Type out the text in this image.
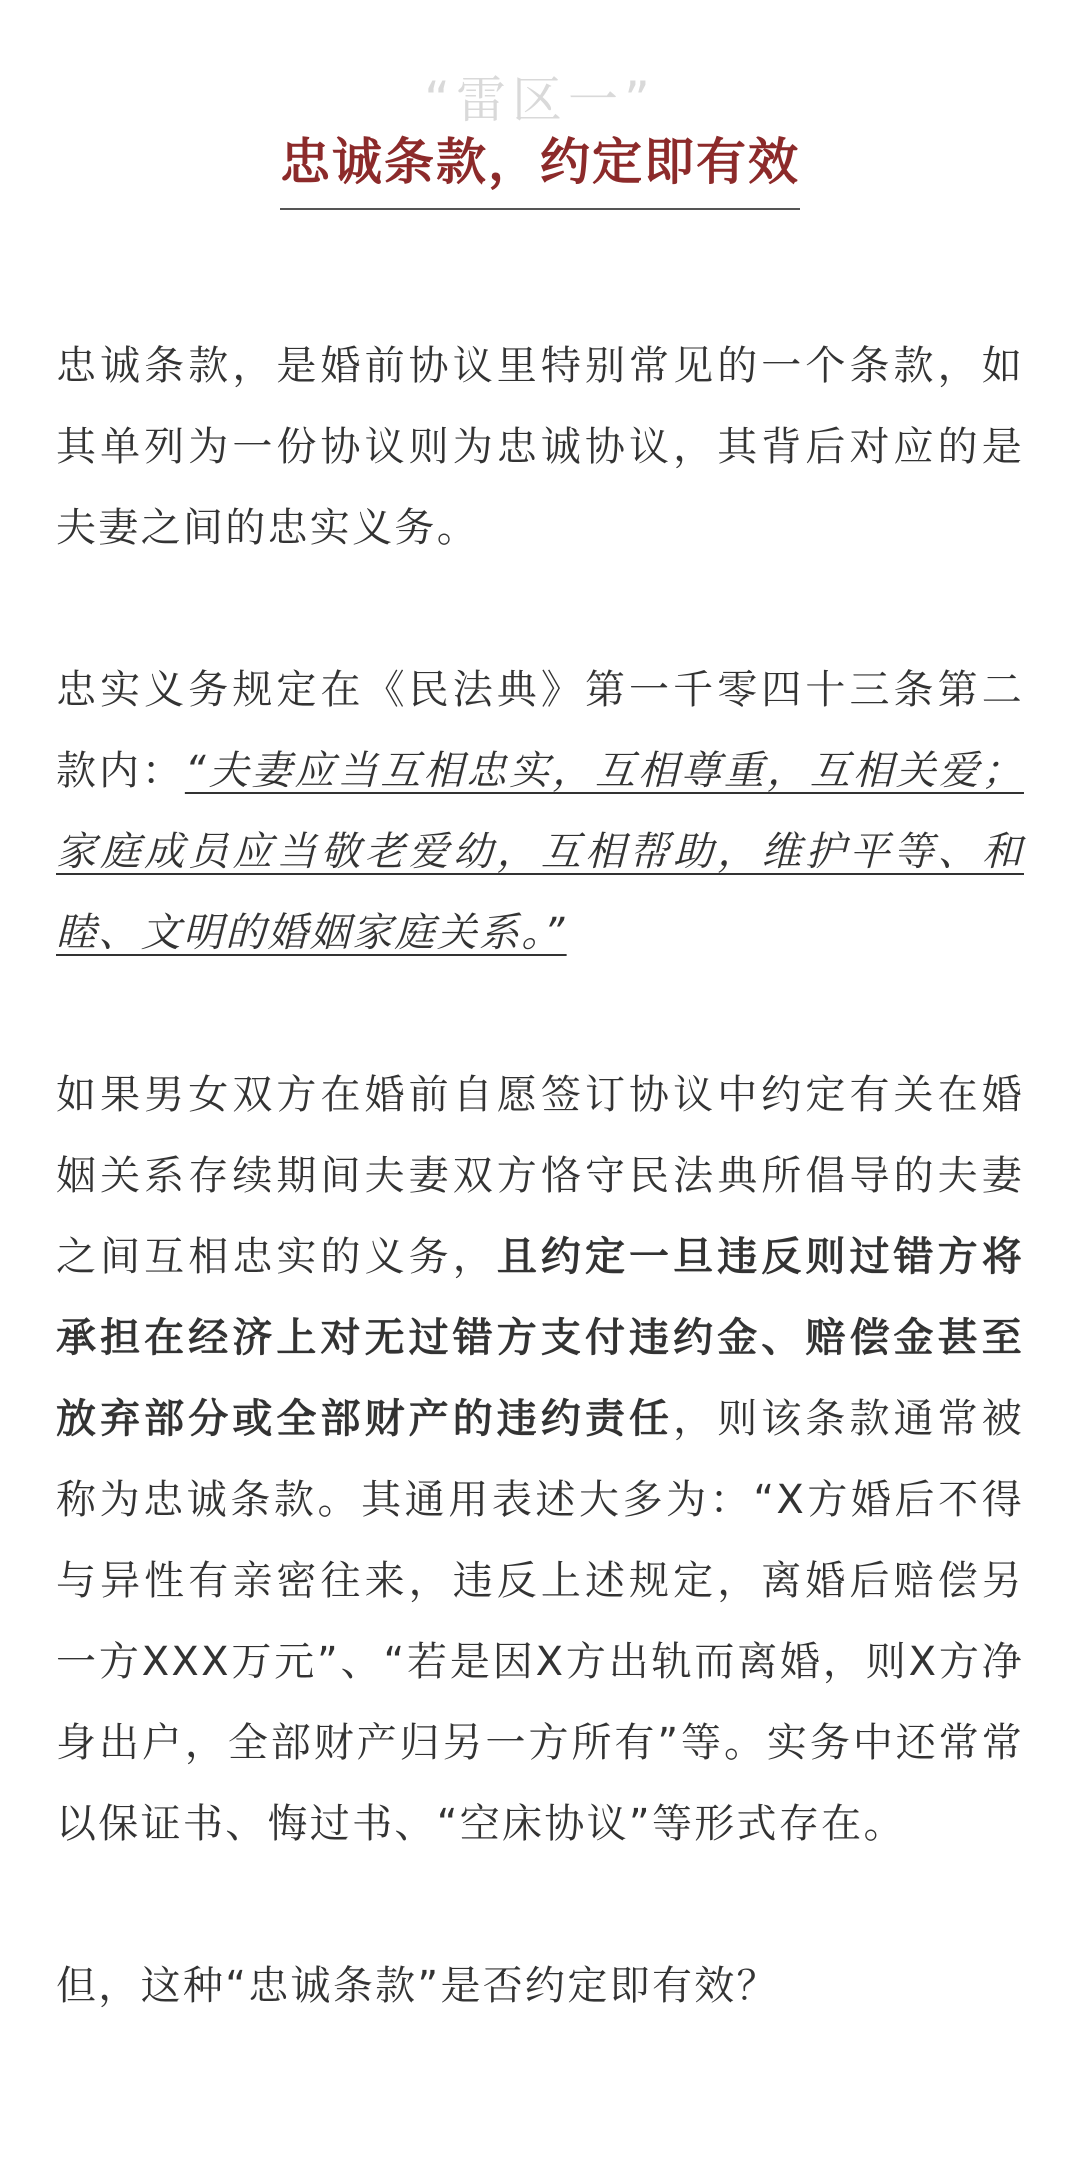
“雷区一”
忠诚条款，约定即有效

忠诚条款，是婚前协议里特别常见的一个条款，如其单列为一份协议则为忠诚协议，其背后对应的是夫妻之间的忠实义务。

忠实义务规定在《民法典》第一千零四十三条第二款内：“夫妻应当互相忠实，互相尊重，互相关爱；家庭成员应当敬老爱幼，互相帮助，维护平等、和睦、文明的婚姻家庭关系。”

如果男女双方在婚前自愿签订协议中约定有关在婚姻关系存续期间夫妻双方恪守民法典所倡导的夫妻之间互相忠实的义务，且约定一旦违反则过错方将承担在经济上对无过错方支付违约金、赔偿金甚至放弃部分或全部财产的违约责任，则该条款通常被称为忠诚条款。其通用表述大多为：“X方婚后不得与异性有亲密往来，违反上述规定，离婚后赔偿另一方XXX万元”、“若是因X方出轨而离婚，则X方净身出户，全部财产归另一方所有”等。实务中还常常以保证书、悔过书、“空床协议”等形式存在。

但，这种“忠诚条款”是否约定即有效？
